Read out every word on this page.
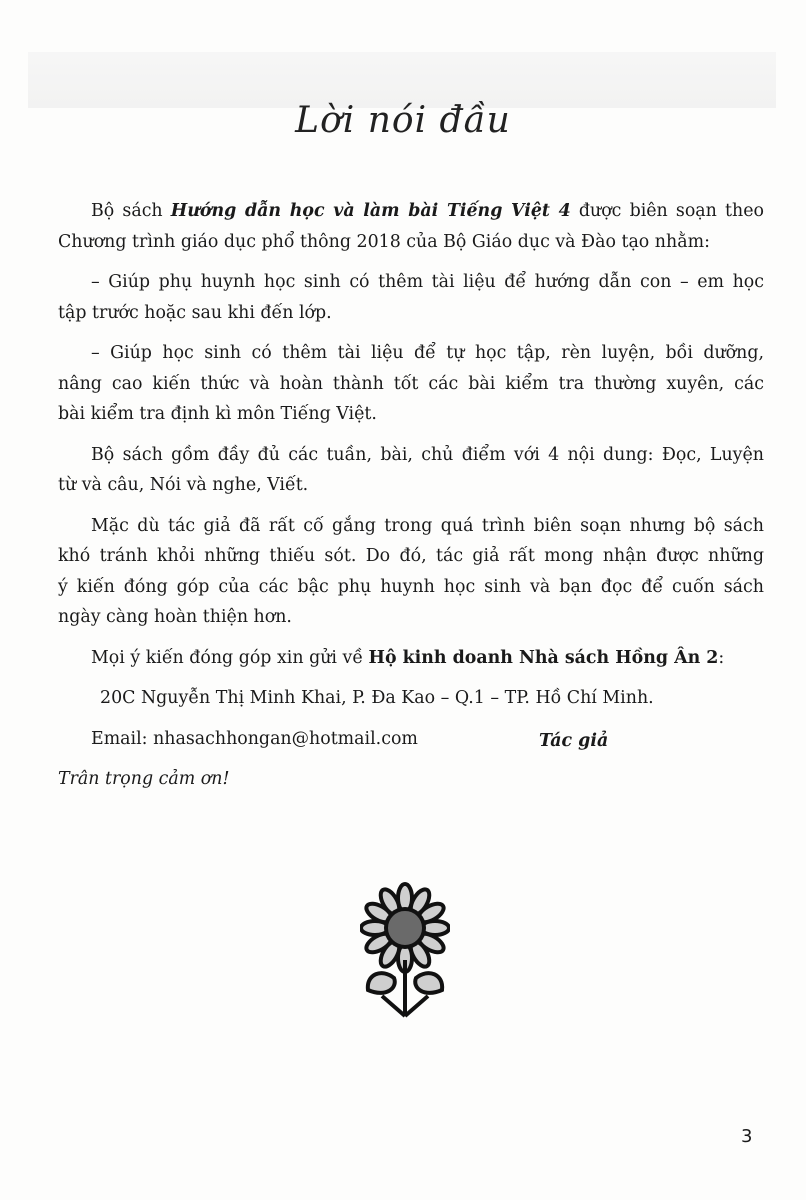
Lời nói đầu
Bộ sách Hướng dẫn học và làm bài Tiếng Việt 4 được biên soạn theo
Chương trình giáo dục phổ thông 2018 của Bộ Giáo dục và Đào tạo nhằm:
– Giúp phụ huynh học sinh có thêm tài liệu để hướng dẫn con – em học
tập trước hoặc sau khi đến lớp.
– Giúp học sinh có thêm tài liệu để tự học tập, rèn luyện, bồi dưỡng,
nâng cao kiến thức và hoàn thành tốt các bài kiểm tra thường xuyên, các
bài kiểm tra định kì môn Tiếng Việt.
Bộ sách gồm đầy đủ các tuần, bài, chủ điểm với 4 nội dung: Đọc, Luyện
từ và câu, Nói và nghe, Viết.
Mặc dù tác giả đã rất cố gắng trong quá trình biên soạn nhưng bộ sách
khó tránh khỏi những thiếu sót. Do đó, tác giả rất mong nhận được những
ý kiến đóng góp của các bậc phụ huynh học sinh và bạn đọc để cuốn sách
ngày càng hoàn thiện hơn.
Mọi ý kiến đóng góp xin gửi về Hộ kinh doanh Nhà sách Hồng Ân 2:
20C Nguyễn Thị Minh Khai, P. Đa Kao – Q.1 – TP. Hồ Chí Minh.
Email: nhasachhongan@hotmail.com
Trân trọng cảm ơn!
Tác giả
3
